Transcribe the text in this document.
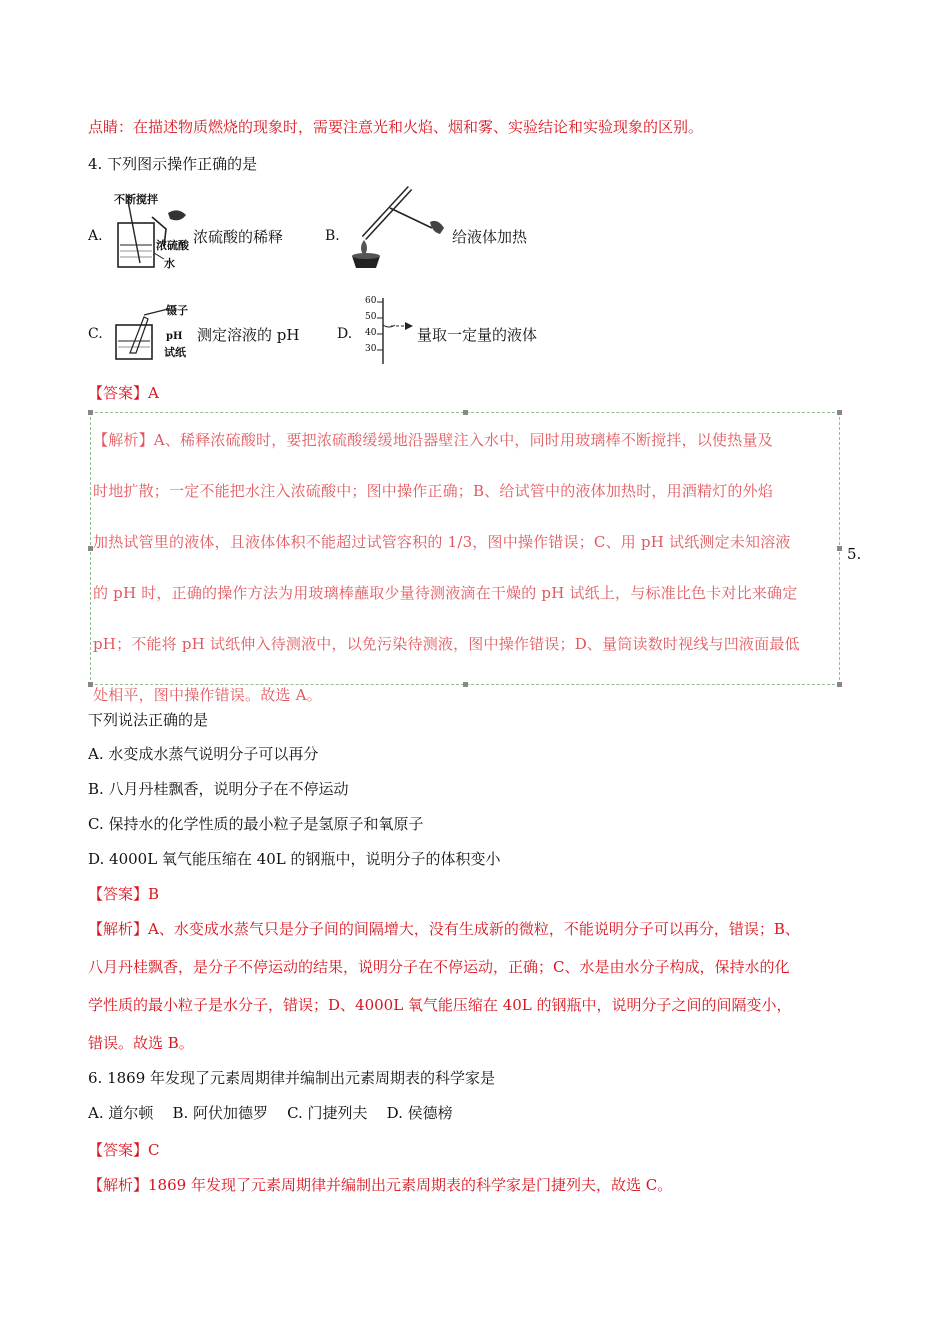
点睛：在描述物质燃烧的现象时，需要注意光和火焰、烟和雾、实验结论和实验现象的区别。
4. 下列图示操作正确的是
A.
不断搅拌
浓硫酸
水
浓硫酸的稀释	B.	给液体加热
C.
镊子
pH
试纸
测定溶液的 pH	D.
60
50
40
30
量取一定量的液体
【答案】A
【解析】A、稀释浓硫酸时，要把浓硫酸缓缓地沿器壁注入水中，同时用玻璃棒不断搅拌，以使热量及
时地扩散；一定不能把水注入浓硫酸中；图中操作正确；B、给试管中的液体加热时，用酒精灯的外焰
加热试管里的液体，且液体体积不能超过试管容积的 1/3，图中操作错误；C、用 pH 试纸测定未知溶液
的 pH 时，正确的操作方法为用玻璃棒蘸取少量待测液滴在干燥的 pH 试纸上，与标准比色卡对比来确定
pH；不能将 pH 试纸伸入待测液中，以免污染待测液，图中操作错误；D、量筒读数时视线与凹液面最低
处相平，图中操作错误。故选 A。
5.
下列说法正确的是
A. 水变成水蒸气说明分子可以再分
B. 八月丹桂飘香，说明分子在不停运动
C. 保持水的化学性质的最小粒子是氢原子和氧原子
D. 4000L 氧气能压缩在 40L 的钢瓶中，说明分子的体积变小
【答案】B
【解析】A、水变成水蒸气只是分子间的间隔增大，没有生成新的微粒，不能说明分子可以再分，错误；B、
八月丹桂飘香，是分子不停运动的结果，说明分子在不停运动，正确；C、水是由水分子构成，保持水的化
学性质的最小粒子是水分子，错误；D、4000L 氧气能压缩在 40L 的钢瓶中，说明分子之间的间隔变小，
错误。故选 B。
6. 1869 年发现了元素周期律并编制出元素周期表的科学家是
A. 道尔顿    B. 阿伏加德罗    C. 门捷列夫    D. 侯德榜
【答案】C
【解析】1869 年发现了元素周期律并编制出元素周期表的科学家是门捷列夫，故选 C。
